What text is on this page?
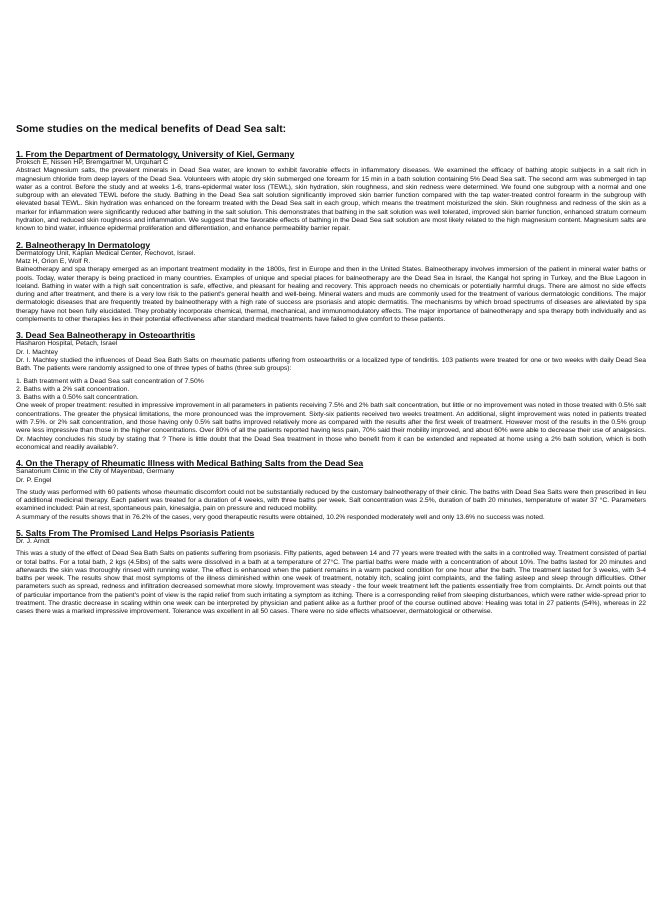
Some studies on the medical benefits of Dead Sea salt:
1. From the Department of Dermatology, University of Kiel, Germany
Proksch E, Nissen HP, Bremgartner M, Urquhart C
Abstract Magnesium salts, the prevalent minerals in Dead Sea water, are known to exhibit favorable effects in inflammatory diseases. We examined the efficacy of bathing atopic subjects in a salt rich in magnesium chloride from deep layers of the Dead Sea. Volunteers with atopic dry skin submerged one forearm for 15 min in a bath solution containing 5% Dead Sea salt. The second arm was submerged in tap water as a control. Before the study and at weeks 1-6, trans-epidermal water loss (TEWL), skin hydration, skin roughness, and skin redness were determined. We found one subgroup with a normal and one subgroup with an elevated TEWL before the study. Bathing in the Dead Sea salt solution significantly improved skin barrier function compared with the tap water-treated control forearm in the subgroup with elevated basal TEWL. Skin hydration was enhanced on the forearm treated with the Dead Sea salt in each group, which means the treatment moisturized the skin. Skin roughness and redness of the skin as a marker for inflammation were significantly reduced after bathing in the salt solution. This demonstrates that bathing in the salt solution was well tolerated, improved skin barrier function, enhanced stratum corneum hydration, and reduced skin roughness and inflammation. We suggest that the favorable effects of bathing in the Dead Sea salt solution are most likely related to the high magnesium content. Magnesium salts are known to bind water, influence epidermal proliferation and differentiation, and enhance permeability barrier repair.
2. Balneotherapy In Dermatology
Dermatology Unit, Kaplan Medical Center, Rechovot, Israel.
Matz H, Orion E, Wolf R.
Balneotherapy and spa therapy emerged as an important treatment modality in the 1800s, first in Europe and then in the United States. Balneotherapy involves immersion of the patient in mineral water baths or pools. Today, water therapy is being practiced in many countries. Examples of unique and special places for balneotherapy are the Dead Sea in Israel, the Kangal hot spring in Turkey, and the Blue Lagoon in Iceland. Bathing in water with a high salt concentration is safe, effective, and pleasant for healing and recovery. This approach needs no chemicals or potentially harmful drugs. There are almost no side effects during and after treatment, and there is a very low risk to the patient's general health and well-being. Mineral waters and muds are commonly used for the treatment of various dermatologic conditions. The major dermatologic diseases that are frequently treated by balneotherapy with a high rate of success are psoriasis and atopic dermatitis. The mechanisms by which broad spectrums of diseases are alleviated by spa therapy have not been fully elucidated. They probably incorporate chemical, thermal, mechanical, and immunomodulatory effects. The major importance of balneotherapy and spa therapy both individually and as complements to other therapies lies in their potential effectiveness after standard medical treatments have failed to give comfort to these patients.
3. Dead Sea Balneotherapy in Osteoarthritis
Hasharon Hospital, Petach, Israel
Dr. I. Machtey
Dr. I. Machtey studied the influences of Dead Sea Bath Salts on rheumatic patients uffering from osteoarthritis or a localized type of tendiritis. 103 patients were treated for one or two weeks with daily Dead Sea Bath. The patients were randomly assigned to one of three types of baths (three sub groups):
1. Bath treatment with a Dead Sea salt concentration of 7.50%
2. Baths with a 2% salt concentration.
3. Baths with a 0.50% salt concentration.
One week of proper treatment: resulted in impressive improvement in all parameters in patients receiving 7.5% and 2% bath salt concentration, but little or no improvement was noted in those treated with 0.5% salt concentrations. The greater the physical limitations, the more pronounced was the improvement. Sixty-six patients received two weeks treatment. An additional, slight improvement was noted in patients treated with 7.5%. or 2% salt concentration, and those having only 0.5% salt baths improved relatively more as compared with the results after the first week of treatment. However most of the results in the 0.5% group were less impressive than those in the higher concentrations. Over 80% of all the patients reported having less pain, 70% said their mobility improved, and about 60% were able to decrease their use of analgesics. Dr. Machtey concludes his study by stating that ? There is little doubt that the Dead Sea treatment in those who benefit from it can be extended and repeated at home using a 2% bath solution, which is both economical and readily available?.
4. On the Therapy of Rheumatic Illness with Medical Bathing Salts from the Dead Sea
Sanatorium Clinic in the City of Mayenbad, Germany
Dr. P. Engel
The study was performed with 60 patients whose rheumatic discomfort could not be substantially reduced by the customary balneotherapy of their clinic. The baths with Dead Sea Salts were then prescribed in lieu of additional medicinal therapy. Each patient was treated for a duration of 4 weeks, with three baths per week. Salt concentration was 2.5%, duration of bath 20 minutes, temperature of water 37 °C. Parameters examined included: Pain at rest, spontaneous pain, kinesalgia, pain on pressure and reduced mobility.
A summary of the results shows that in 76.2% of the cases, very good therapeutic results were obtained, 10.2% responded moderately well and only 13.6% no success was noted.
5. Salts From The Promised Land Helps Psoriasis Patients
Dr. J. Arndt
This was a study of the effect of Dead Sea Bath Salts on patients suffering from psoriasis. Fifty patients, aged between 14 and 77 years were treated with the salts in a controlled way. Treatment consisted of partial or total baths. For a total bath, 2 kgs (4.5lbs) of the salts were dissolved in a bath at a temperature of 27°C. The partial baths were made with a concentration of about 10%. The baths lasted for 20 minutes and afterwards the skin was thoroughly rinsed with running water. The effect is enhanced when the patient remains in a warm packed condition for one hour after the bath. The treatment lasted for 3 weeks, with 3-4 baths per week. The results show that most symptoms of the illness diminished within one week of treatment, notably itch, scaling joint complaints, and the falling asleep and sleep through difficulties. Other parameters such as spread, redness and infiltration decreased somewhat more slowly. Improvement was steady - the four week treatment left the patients essentially free from complaints. Dr. Arndt points out that of particular importance from the patient's point of view is the rapid relief from such irritating a symptom as itching. There is a corresponding relief from sleeping disturbances, which were rather wide-spread prior to treatment. The drastic decrease in scaling within one week can be interpreted by physician and patient alike as a further proof of the course outlined above: Healing was total in 27 patients (54%), whereas in 22 cases there was a marked impressive improvement. Tolerance was excellent in all 50 cases. There were no side effects whatsoever, dermatological or otherwise.
